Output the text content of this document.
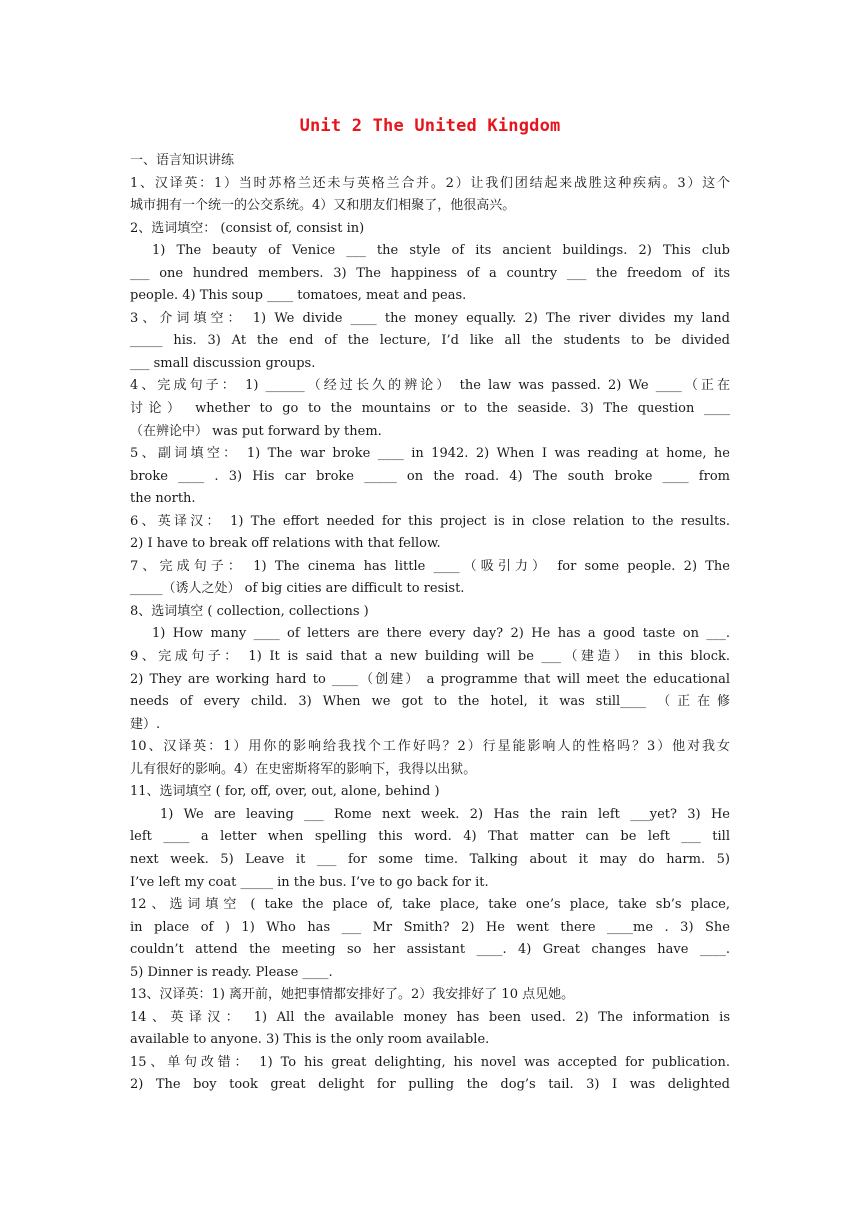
Unit 2 The United Kingdom
一、语言知识讲练
1、汉译英：1）当时苏格兰还未与英格兰合并。2）让我们团结起来战胜这种疾病。3）这个
城市拥有一个统一的公交系统。4）又和朋友们相聚了，他很高兴。
2、选词填空： (consist of, consist in)
1) The beauty of Venice ___ the style of its ancient buildings. 2) This club
___ one hundred members. 3) The happiness of a country ___ the freedom of its
people. 4) This soup ____ tomatoes, meat and peas.
3、介词填空： 1) We divide ____ the money equally. 2) The river divides my land
_____ his. 3) At the end of the lecture, I’d like all the students to be divided
___ small discussion groups.
4、完成句子： 1) ______（经过长久的辨论） the law was passed. 2) We ____（正在
讨论） whether to go to the mountains or to the seaside. 3) The question ____
（在辨论中） was put forward by them.
5、副词填空： 1) The war broke ____ in 1942. 2) When I was reading at home, he
broke ____ . 3) His car broke _____ on the road. 4) The south broke ____ from
the north.
6、英译汉： 1) The effort needed for this project is in close relation to the results.
2) I have to break off relations with that fellow.
7、完成句子： 1) The cinema has little ____（吸引力） for some people. 2) The
_____（诱人之处） of big cities are difficult to resist.
8、选词填空 ( collection, collections )
1) How many ____ of letters are there every day? 2) He has a good taste on ___.
9、完成句子： 1) It is said that a new building will be ___（建造） in this block.
2) They are working hard to ____（创建） a programme that will meet the educational
needs of every child. 3) When we got to the hotel, it was still____ （正在修
建）.
10、汉译英：1）用你的影响给我找个工作好吗？2）行星能影响人的性格吗？3）他对我女
儿有很好的影响。4）在史密斯将军的影响下，我得以出狱。
11、选词填空 ( for, off, over, out, alone, behind )
1) We are leaving ___ Rome next week. 2) Has the rain left ___yet? 3) He
left ____ a letter when spelling this word. 4) That matter can be left ___ till
next week. 5) Leave it ___ for some time. Talking about it may do harm. 5)
I’ve left my coat _____ in the bus. I’ve to go back for it.
12、选词填空 ( take the place of, take place, take one’s place, take sb’s place,
in place of ) 1) Who has ___ Mr Smith? 2) He went there ____me . 3) She
couldn’t attend the meeting so her assistant ____. 4) Great changes have ____.
5) Dinner is ready. Please ____.
13、汉译英：1) 离开前，她把事情都安排好了。2）我安排好了 10 点见她。
14、英译汉： 1) All the available money has been used. 2) The information is
available to anyone. 3) This is the only room available.
15、单句改错： 1) To his great delighting, his novel was accepted for publication.
2) The boy took great delight for pulling the dog’s tail. 3) I was delighted
